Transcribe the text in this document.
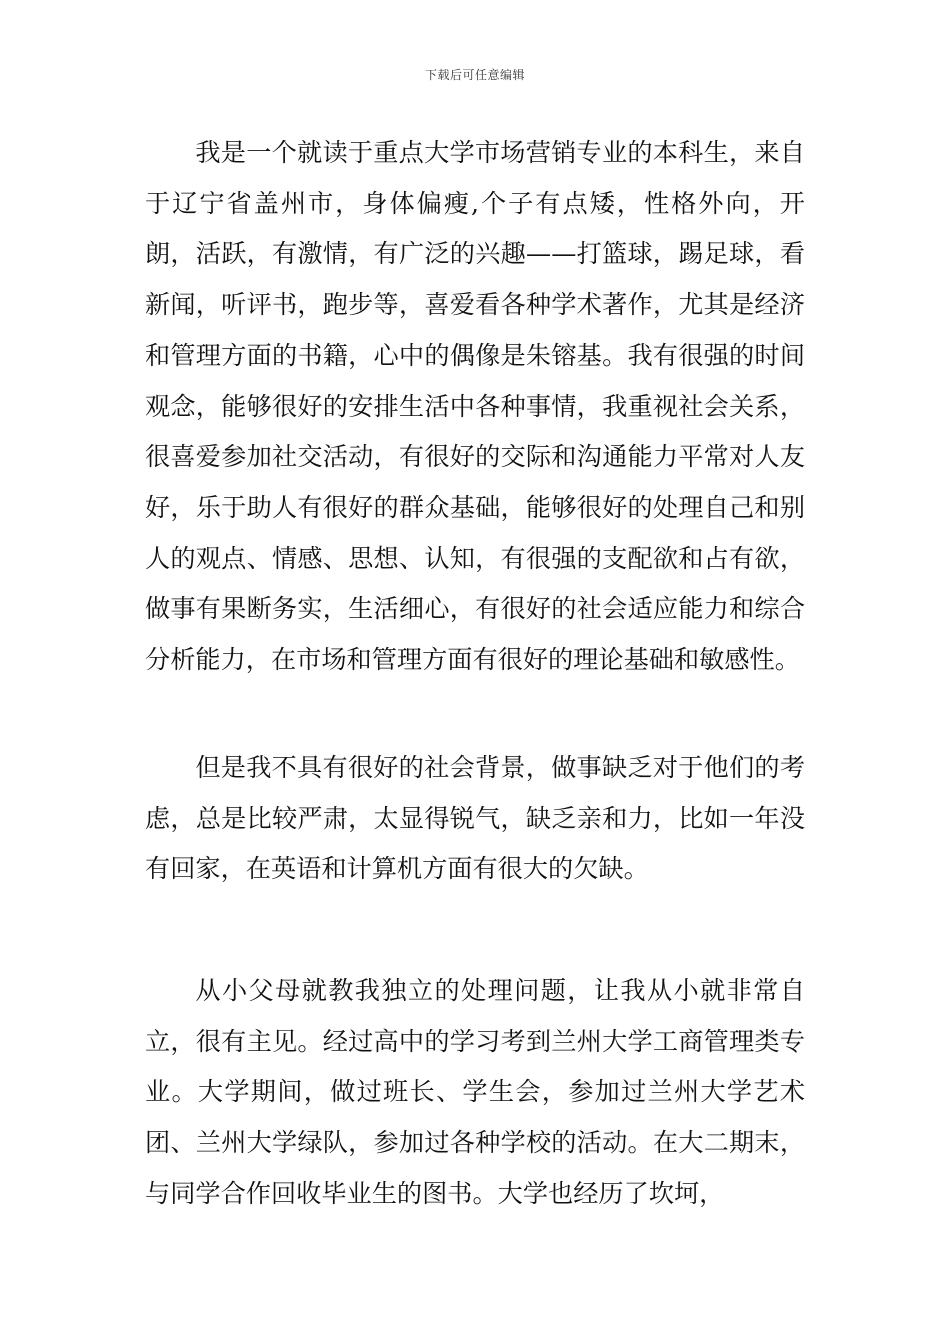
下载后可任意编辑

我是一个就读于重点大学市场营销专业的本科生，来自于辽宁省盖州市，身体偏瘦,个子有点矮，性格外向，开朗，活跃，有激情，有广泛的兴趣——打篮球，踢足球，看新闻，听评书，跑步等，喜爱看各种学术著作，尤其是经济和管理方面的书籍，心中的偶像是朱镕基。我有很强的时间观念，能够很好的安排生活中各种事情，我重视社会关系，很喜爱参加社交活动，有很好的交际和沟通能力平常对人友好，乐于助人有很好的群众基础，能够很好的处理自己和别人的观点、情感、思想、认知，有很强的支配欲和占有欲，做事有果断务实，生活细心，有很好的社会适应能力和综合分析能力，在市场和管理方面有很好的理论基础和敏感性。

但是我不具有很好的社会背景，做事缺乏对于他们的考虑，总是比较严肃，太显得锐气，缺乏亲和力，比如一年没有回家，在英语和计算机方面有很大的欠缺。

从小父母就教我独立的处理问题，让我从小就非常自立，很有主见。经过高中的学习考到兰州大学工商管理类专业。大学期间，做过班长、学生会，参加过兰州大学艺术团、兰州大学绿队，参加过各种学校的活动。在大二期末，与同学合作回收毕业生的图书。大学也经历了坎坷，
